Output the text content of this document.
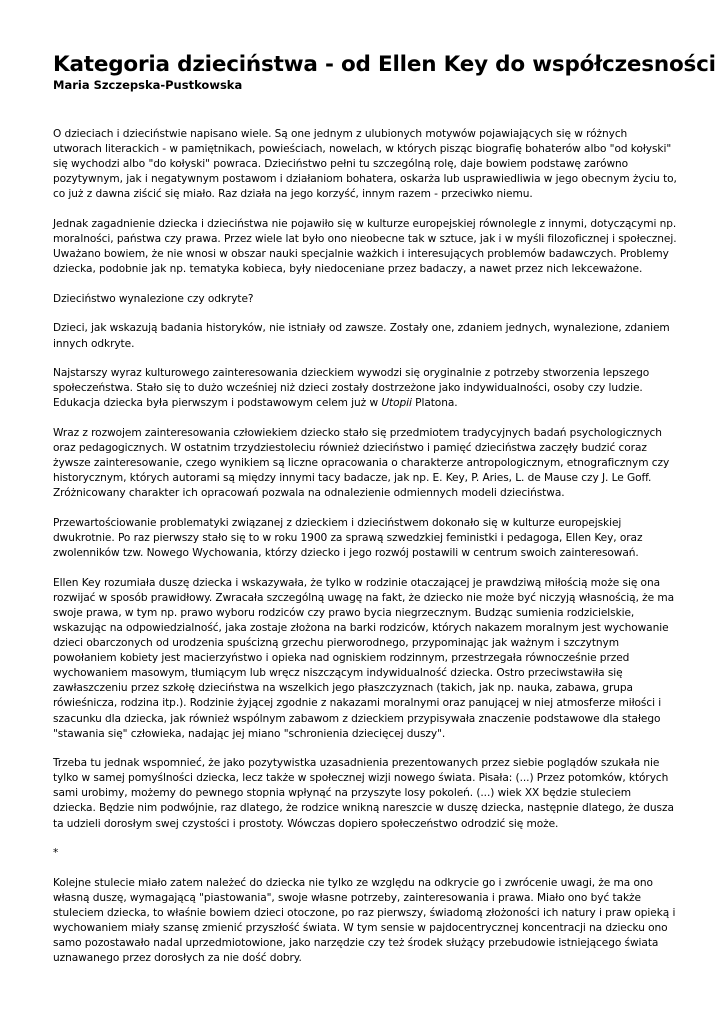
Kategoria dzieciństwa - od Ellen Key do współczesności
Maria Szczepska-Pustkowska

O dzieciach i dzieciństwie napisano wiele. Są one jednym z ulubionych motywów pojawiających się w różnych utworach literackich - w pamiętnikach, powieściach, nowelach, w których pisząc biografię bohaterów albo "od kołyski" się wychodzi albo "do kołyski" powraca. Dzieciństwo pełni tu szczególną rolę, daje bowiem podstawę zarówno pozytywnym, jak i negatywnym postawom i działaniom bohatera, oskarża lub usprawiedliwia w jego obecnym życiu to, co już z dawna ziścić się miało. Raz działa na jego korzyść, innym razem - przeciwko niemu.

Jednak zagadnienie dziecka i dzieciństwa nie pojawiło się w kulturze europejskiej równolegle z innymi, dotyczącymi np. moralności, państwa czy prawa. Przez wiele lat było ono nieobecne tak w sztuce, jak i w myśli filozoficznej i społecznej. Uważano bowiem, że nie wnosi w obszar nauki specjalnie ważkich i interesujących problemów badawczych. Problemy dziecka, podobnie jak np. tematyka kobieca, były niedoceniane przez badaczy, a nawet przez nich lekceważone.

Dzieciństwo wynalezione czy odkryte?

Dzieci, jak wskazują badania historyków, nie istniały od zawsze. Zostały one, zdaniem jednych, wynalezione, zdaniem innych odkryte.

Najstarszy wyraz kulturowego zainteresowania dzieckiem wywodzi się oryginalnie z potrzeby stworzenia lepszego społeczeństwa. Stało się to dużo wcześniej niż dzieci zostały dostrzeżone jako indywidualności, osoby czy ludzie. Edukacja dziecka była pierwszym i podstawowym celem już w Utopii Platona.

Wraz z rozwojem zainteresowania człowiekiem dziecko stało się przedmiotem tradycyjnych badań psychologicznych oraz pedagogicznych. W ostatnim trzydziestoleciu również dzieciństwo i pamięć dzieciństwa zaczęły budzić coraz żywsze zainteresowanie, czego wynikiem są liczne opracowania o charakterze antropologicznym, etnograficznym czy historycznym, których autorami są między innymi tacy badacze, jak np. E. Key, P. Aries, L. de Mause czy J. Le Goff. Zróżnicowany charakter ich opracowań pozwala na odnalezienie odmiennych modeli dzieciństwa.

Przewartościowanie problematyki związanej z dzieckiem i dzieciństwem dokonało się w kulturze europejskiej dwukrotnie. Po raz pierwszy stało się to w roku 1900 za sprawą szwedzkiej feministki i pedagoga, Ellen Key, oraz zwolenników tzw. Nowego Wychowania, którzy dziecko i jego rozwój postawili w centrum swoich zainteresowań.

Ellen Key rozumiała duszę dziecka i wskazywała, że tylko w rodzinie otaczającej je prawdziwą miłością może się ona rozwijać w sposób prawidłowy. Zwracała szczególną uwagę na fakt, że dziecko nie może być niczyją własnością, że ma swoje prawa, w tym np. prawo wyboru rodziców czy prawo bycia niegrzecznym. Budząc sumienia rodzicielskie, wskazując na odpowiedzialność, jaka zostaje złożona na barki rodziców, których nakazem moralnym jest wychowanie dzieci obarczonych od urodzenia spuścizną grzechu pierworodnego, przypominając jak ważnym i szczytnym powołaniem kobiety jest macierzyństwo i opieka nad ogniskiem rodzinnym, przestrzegała równocześnie przed wychowaniem masowym, tłumiącym lub wręcz niszczącym indywidualność dziecka. Ostro przeciwstawiła się zawłaszczeniu przez szkołę dzieciństwa na wszelkich jego płaszczyznach (takich, jak np. nauka, zabawa, grupa rówieśnicza, rodzina itp.). Rodzinie żyjącej zgodnie z nakazami moralnymi oraz panującej w niej atmosferze miłości i szacunku dla dziecka, jak również wspólnym zabawom z dzieckiem przypisywała znaczenie podstawowe dla stałego "stawania się" człowieka, nadając jej miano "schronienia dziecięcej duszy".

Trzeba tu jednak wspomnieć, że jako pozytywistka uzasadnienia prezentowanych przez siebie poglądów szukała nie tylko w samej pomyślności dziecka, lecz także w społecznej wizji nowego świata. Pisała: (...) Przez potomków, których sami urobimy, możemy do pewnego stopnia wpłynąć na przyszyte losy pokoleń. (...) wiek XX będzie stuleciem dziecka. Będzie nim podwójnie, raz dlatego, że rodzice wnikną nareszcie w duszę dziecka, następnie dlatego, że dusza ta udzieli dorosłym swej czystości i prostoty. Wówczas dopiero społeczeństwo odrodzić się może.

*

Kolejne stulecie miało zatem należeć do dziecka nie tylko ze względu na odkrycie go i zwrócenie uwagi, że ma ono własną duszę, wymagającą "piastowania", swoje własne potrzeby, zainteresowania i prawa. Miało ono być także stuleciem dziecka, to właśnie bowiem dzieci otoczone, po raz pierwszy, świadomą złożoności ich natury i praw opieką i wychowaniem miały szansę zmienić przyszłość świata. W tym sensie w pajdocentrycznej koncentracji na dziecku ono samo pozostawało nadal uprzedmiotowione, jako narzędzie czy też środek służący przebudowie istniejącego świata uznawanego przez dorosłych za nie dość dobry.
